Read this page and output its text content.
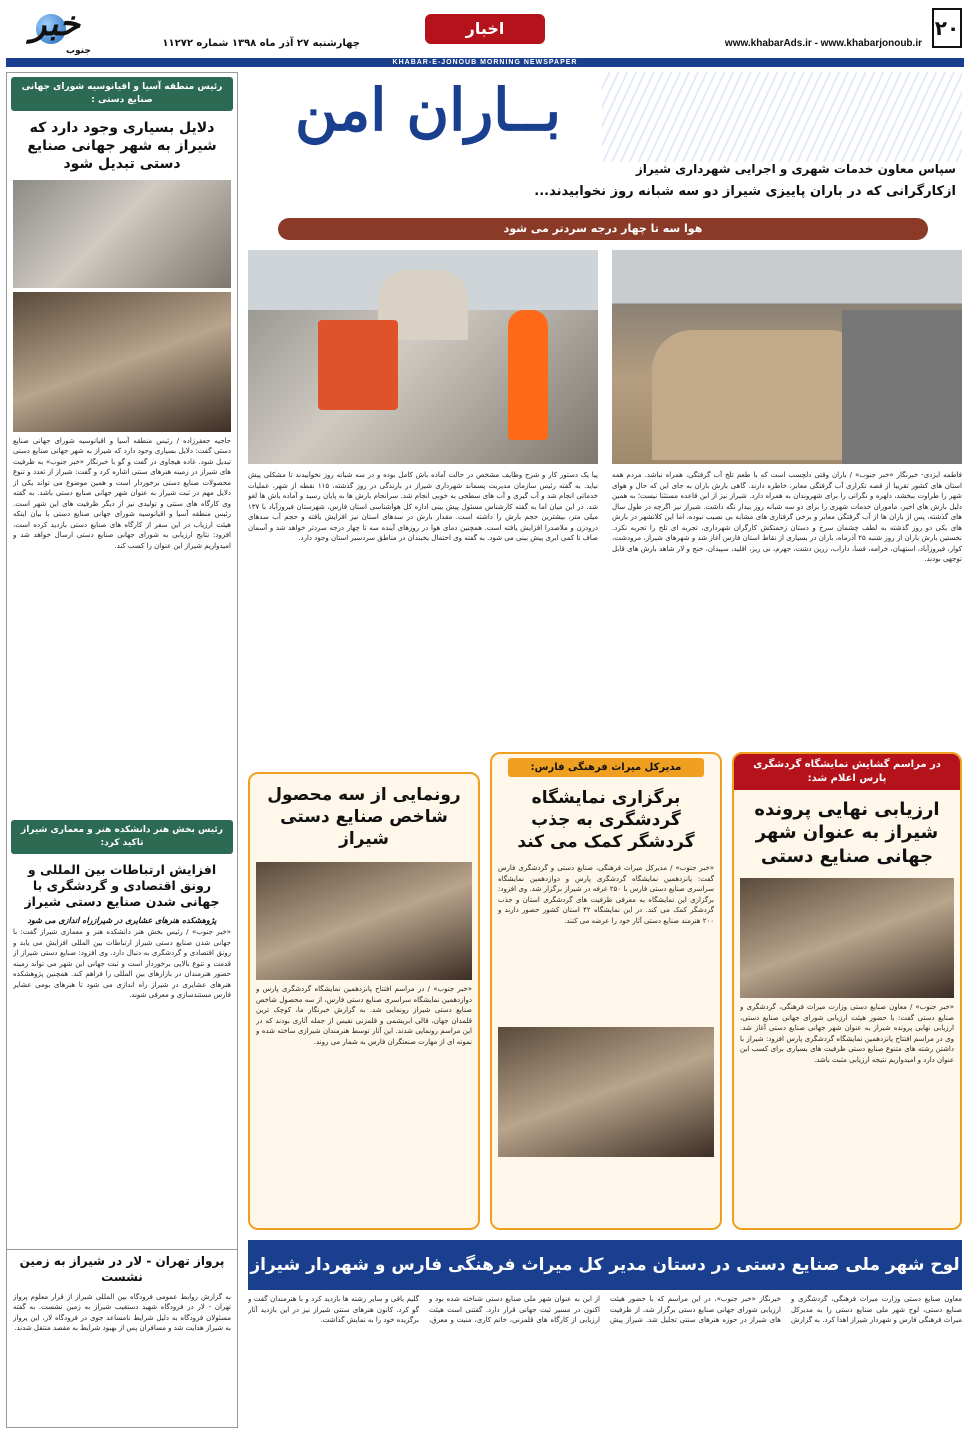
۲۰
www.khabarAds.ir - www.khabarjonoub.ir
اخبار
چهارشنبه ۲۷ آذر ماه ۱۳۹۸ شماره ۱۱۲۷۲
خبر
جنوب
KHABAR-E-JONOUB MORNING NEWSPAPER
رئیس منطقه آسیا و اقیانوسیه شورای جهانی صنایع دستی :
دلایل بسیاری وجود دارد که شیراز به شهر جهانی صنایع دستی تبدیل شود
حاجیه جعفرزاده / رئیس منطقه آسیا و اقیانوسیه شورای جهانی صنایع دستی گفت: دلایل بسیاری وجود دارد که شیراز به شهر جهانی صنایع دستی تبدیل شود. غاده هیجاوی در گفت و گو با خبرنگار «خبر جنوب» به ظرفیت های شیراز در زمینه هنرهای سنتی اشاره کرد و گفت: شیراز از تعدد و تنوع محصولات صنایع دستی برخوردار است و همین موضوع می تواند یکی از دلایل مهم در ثبت شیراز به عنوان شهر جهانی صنایع دستی باشد. به گفته وی کارگاه های سنتی و تولیدی نیز از دیگر ظرفیت های این شهر است. رئیس منطقه آسیا و اقیانوسیه شورای جهانی صنایع دستی با بیان اینکه هیئت ارزیاب در این سفر از کارگاه های صنایع دستی بازدید کرده است، افزود: نتایج ارزیابی به شورای جهانی صنایع دستی ارسال خواهد شد و امیدواریم شیراز این عنوان را کسب کند.
رئیس بخش هنر دانشکده هنر و معماری شیراز تاکید کرد:
افزایش ارتباطات بین المللی و رونق اقتصادی و گردشگری با جهانی شدن صنایع دستی شیراز
پژوهشکده هنرهای عشایری در شیرازراه اندازی می شود
«خبر جنوب» / رئیس بخش هنر دانشکده هنر و معماری شیراز گفت: با جهانی شدن صنایع دستی شیراز ارتباطات بین المللی افزایش می یابد و رونق اقتصادی و گردشگری به دنبال دارد. وی افزود: صنایع دستی شیراز از قدمت و تنوع بالایی برخوردار است و ثبت جهانی این شهر می تواند زمینه حضور هنرمندان در بازارهای بین المللی را فراهم کند. همچنین پژوهشکده هنرهای عشایری در شیراز راه اندازی می شود تا هنرهای بومی عشایر فارس مستندسازی و معرفی شوند.
پرواز تهران - لار در شیراز به زمین نشست
به گزارش روابط عمومی فرودگاه بین المللی شیراز از قرار معلوم پرواز تهران - لار در فرودگاه شهید دستغیب شیراز به زمین نشست. به گفته مسئولان فرودگاه به دلیل شرایط نامساعد جوی در فرودگاه لار، این پرواز به شیراز هدایت شد و مسافران پس از بهبود شرایط به مقصد منتقل شدند.
بــاران امن
سپاس معاون خدمات شهری و اجرایی شهرداری شیراز
ازکارگرانی که در باران پاییزی شیراز دو سه شبانه روز نخوابیدند...
هوا سه تا چهار درجه سردتر می شود
فاطمه ایزدی- خبرنگار «خبر جنوب» / باران وقتی دلچسب است که با طعم تلخ آب گرفتگی، همراه نباشد. مردم همه استان های کشور تقریبا از قصه تکراری آب گرفتگی معابر، خاطره دارند. گاهی بارش باران به جای این که حال و هوای شهر را طراوت ببخشد، دلهره و نگرانی را برای شهروندان به همراه دارد. شیراز نیز از این قاعده مستثنا نیست؛ به همین دلیل بارش های اخیر، ماموران خدمات شهری را برای دو سه شبانه روز بیدار نگه داشت. شیراز نیز اگرچه در طول سال های گذشته، پس از باران ها از آب گرفتگی معابر و برخی گرفتاری های مشابه بی نصیب نبوده، اما این کلانشهر در بارش های یکی دو روز گذشته به لطف چشمان سرخ و دستان زحمتکش کارگران شهرداری، تجربه ای تلخ را تجربه نکرد. نخستین بارش باران از روز شنبه ۲۵ آذرماه، باران در بسیاری از نقاط استان فارس آغاز شد و شهرهای شیراز، مرودشت، کوار، فیروزآباد، استهبان، خرامه، فسا، داراب، زرین دشت، جهرم، نی ریز، اقلید، سپیدان، خنج و لار شاهد بارش های قابل توجهی بودند.
پیا یک دستور کار و شرح وظایف مشخص در حالت آماده باش کامل بوده و در سه شبانه روز نخوابیدند تا مشکلی پیش نیاید. به گفته رئیس سازمان مدیریت پسماند شهرداری شیراز در بارندگی در روز گذشته، ۱۱۵ نقطه از شهر، عملیات خدماتی انجام شد و آب گیری و آب های سطحی به خوبی انجام شد. سرانجام بارش ها به پایان رسید و آماده باش ها لغو شد. در این میان اما به گفته کارشناس مسئول پیش بینی اداره کل هواشناسی استان فارس، شهرستان فیروزآباد با ۱۳۷ میلی متر، بیشترین حجم بارش را داشته است. مقدار بارش در سدهای استان نیز افزایش یافته و حجم آب سدهای درودزن و ملاصدرا افزایش یافته است. همچنین دمای هوا در روزهای آینده سه تا چهار درجه سردتر خواهد شد و آسمان صاف تا کمی ابری پیش بینی می شود. به گفته وی احتمال یخبندان در مناطق سردسیر استان وجود دارد.
در مراسم گشایش نمایشگاه گردشگری پارس اعلام شد:
ارزیابی نهایی پرونده شیراز به عنوان شهر جهانی صنایع دستی
«خبر جنوب» / معاون صنایع دستی وزارت میراث فرهنگی، گردشگری و صنایع دستی گفت: با حضور هیئت ارزیابی شورای جهانی صنایع دستی، ارزیابی نهایی پرونده شیراز به عنوان شهر جهانی صنایع دستی آغاز شد. وی در مراسم افتتاح پانزدهمین نمایشگاه گردشگری پارس افزود: شیراز با داشتن رشته های متنوع صنایع دستی ظرفیت های بسیاری برای کسب این عنوان دارد و امیدواریم نتیجه ارزیابی مثبت باشد.
مدیرکل میراث فرهنگی فارس:
برگزاری نمایشگاه گردشگری به جذب گردشگر کمک می کند
«خبر جنوب» / مدیرکل میراث فرهنگی، صنایع دستی و گردشگری فارس گفت: پانزدهمین نمایشگاه گردشگری پارس و دوازدهمین نمایشگاه سراسری صنایع دستی فارس با ۲۵۰ غرفه در شیراز برگزار شد. وی افزود: برگزاری این نمایشگاه به معرفی ظرفیت های گردشگری استان و جذب گردشگر کمک می کند. در این نمایشگاه ۴۲ استان کشور حضور دارند و ۲۰۰ هنرمند صنایع دستی آثار خود را عرضه می کنند.
رونمایی از سه محصول شاخص صنایع دستی شیراز
«خبر جنوب» / در مراسم افتتاح پانزدهمین نمایشگاه گردشگری پارس و دوازدهمین نمایشگاه سراسری صنایع دستی فارس، از سه محصول شاخص صنایع دستی شیراز رونمایی شد. به گزارش خبرنگار ما، کوچک ترین قلمدان جهان، قالی ابریشمی و قلمزنی نفیس از جمله آثاری بودند که در این مراسم رونمایی شدند. این آثار توسط هنرمندان شیرازی ساخته شده و نمونه ای از مهارت صنعتگران فارس به شمار می روند.
لوح شهر ملی صنایع دستی در دستان مدیر کل میراث فرهنگی فارس و شهردار شیراز
معاون صنایع دستی وزارت میراث فرهنگی، گردشگری و صنایع دستی، لوح شهر ملی صنایع دستی را به مدیرکل میراث فرهنگی فارس و شهردار شیراز اهدا کرد. به گزارش خبرنگار «خبر جنوب»، در این مراسم که با حضور هیئت ارزیابی شورای جهانی صنایع دستی برگزار شد، از ظرفیت های شیراز در حوزه هنرهای سنتی تجلیل شد. شیراز پیش از این به عنوان شهر ملی صنایع دستی شناخته شده بود و اکنون در مسیر ثبت جهانی قرار دارد. گفتنی است هیئت ارزیابی از کارگاه های قلمزنی، خاتم کاری، منبت و معرق، گلیم بافی و سایر رشته ها بازدید کرد و با هنرمندان گفت و گو کرد. کانون هنرهای سنتی شیراز نیز در این بازدید آثار برگزیده خود را به نمایش گذاشت.
